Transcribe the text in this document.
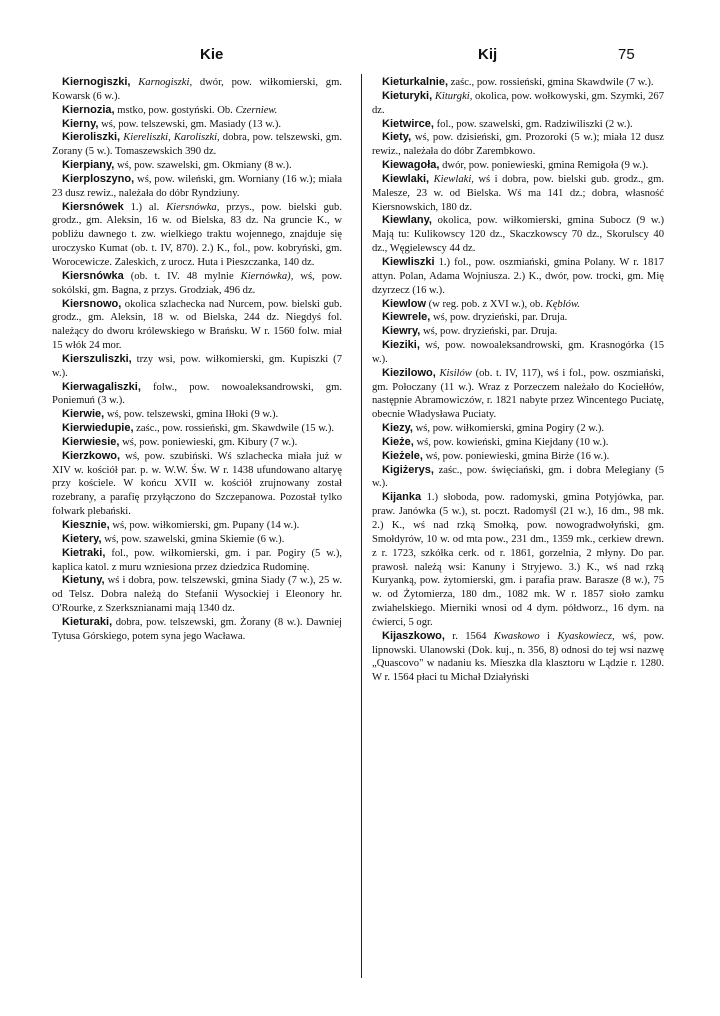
Kie	Kij	75

Kiernogiszki, Karnogiszki, dwór, pow. wiłkomierski, gm. Kowarsk (6 w.).

Kiernozia, mstko, pow. gostyński. Ob. Czerniew.

Kierny, wś, pow. telszewski, gm. Masiady (13 w.).

Kieroliszki, Kiereliszki, Karoliszki, dobra, pow. telszewski, gm. Zorany (5 w.). Tomaszewskich 390 dz.

Kierpiany, wś, pow. szawelski, gm. Okmiany (8 w.).

Kierploszyno, wś, pow. wileński, gm. Worniany (16 w.); miała 23 dusz rewiz., należała do dóbr Ryndziuny.

Kiersnówek 1.) al. Kiersnówka, przys., pow. bielski gub. grodz., gm. Aleksin, 16 w. od Bielska, 83 dz. Na gruncie K., w pobliżu dawnego t. zw. wielkiego traktu wojennego, znajduje się uroczysko Kumat (ob. t. IV, 870). 2.) K., fol., pow. kobryński, gm. Worocewicze. Zaleskich, z urocz. Huta i Pieszczanka, 140 dz.

Kiersnówka (ob. t. IV. 48 mylnie Kiernówka), wś, pow. sokólski, gm. Bagna, z przys. Grodziak, 496 dz.

Kiersnowo, okolica szlachecka nad Nurcem, pow. bielski gub. grodz., gm. Aleksin, 18 w. od Bielska, 244 dz. Niegdyś fol. należący do dworu królewskiego w Brańsku. W r. 1560 folw. miał 15 włók 24 mor.

Kierszuliszki, trzy wsi, pow. wiłkomierski, gm. Kupiszki (7 w.).

Kierwagaliszki, folw., pow. nowoaleksandrowski, gm. Poniemuń (3 w.).

Kierwie, wś, pow. telszewski, gmina Iłłoki (9 w.).

Kierwiedupie, zaśc., pow. rossieński, gm. Skawdwile (15 w.).

Kierwiesie, wś, pow. poniewieski, gm. Kibury (7 w.).

Kierzkowo, wś, pow. szubiński. Wś szlachecka miała już w XIV w. kościół par. p. w. W.W. Św. W r. 1438 ufundowano altaryę przy kościele. W końcu XVII w. kościół zrujnowany został rozebrany, a parafię przyłączono do Szczepanowa. Pozostał tylko folwark plebański.

Kiesznie, wś, pow. wiłkomierski, gm. Pupany (14 w.).

Kietery, wś, pow. szawelski, gmina Skiemie (6 w.).

Kietraki, fol., pow. wiłkomierski, gm. i par. Pogiry (5 w.), kaplica katol. z muru wzniesiona przez dziedzica Rudominę.

Kietuny, wś i dobra, pow. telszewski, gmina Siady (7 w.), 25 w. od Telsz. Dobra należą do Stefanii Wysockiej i Eleonory hr. O'Rourke, z Szerksznianami mają 1340 dz.

Kieturaki, dobra, pow. telszewski, gm. Żorany (8 w.). Dawniej Tytusa Górskiego, potem syna jego Wacława.

Kieturkalnie, zaśc., pow. rossieński, gmina Skawdwile (7 w.).

Kieturyki, Kiturgki, okolica, pow. wołkowyski, gm. Szymki, 267 dz.

Kietwirce, fol., pow. szawelski, gm. Radziwiliszki (2 w.).

Kiety, wś, pow. dzisieński, gm. Prozoroki (5 w.); miała 12 dusz rewiz., należała do dóbr Zarembkowo.

Kiewagoła, dwór, pow. poniewieski, gmina Remigoła (9 w.).

Kiewlaki, Kiewlaki, wś i dobra, pow. bielski gub. grodz., gm. Malesze, 23 w. od Bielska. Wś ma 141 dz.; dobra, własność Kiersnowskich, 180 dz.

Kiewlany, okolica, pow. wiłkomierski, gmina Subocz (9 w.) Mają tu: Kulikowscy 120 dz., Skaczkowscy 70 dz., Skorulscy 40 dz., Węgielewscy 44 dz.

Kiewliszki 1.) fol., pow. oszmiański, gmina Polany. W r. 1817 attyn. Polan, Adama Wojniusza. 2.) K., dwór, pow. trocki, gm. Mię dzyrzecz (16 w.).

Kiewlow (w reg. pob. z XVI w.), ob. Kęblów.

Kiewrele, wś, pow. dryzieński, par. Druja.

Kiewry, wś, pow. dryzieński, par. Druja.

Kieziki, wś, pow. nowoaleksandrowski, gm. Krasnogórka (15 w.).

Kiezilowo, Kisilów (ob. t. IV, 117), wś i fol., pow. oszmiański, gm. Połoczany (11 w.). Wraz z Porzeczem należało do Kociełłów, następnie Abramowiczów, r. 1821 nabyte przez Wincentego Puciatę, obecnie Władysława Puciaty.

Kiezy, wś, pow. wiłkomierski, gmina Pogiry (2 w.).

Kieże, wś, pow. kowieński, gmina Kiejdany (10 w.).

Kieżele, wś, pow. poniewieski, gmina Birże (16 w.).

Kigiżerys, zaśc., pow. święciański, gm. i dobra Melegiany (5 w.).

Kijanka 1.) słoboda, pow. radomyski, gmina Potyjówka, par. praw. Janówka (5 w.), st. poczt. Radomyśl (21 w.), 16 dm., 98 mk. 2.) K., wś nad rzką Smołką, pow. nowogradwołyński, gm. Smołdyrów, 10 w. od mta pow., 231 dm., 1359 mk., cerkiew drewn. z r. 1723, szkółka cerk. od r. 1861, gorzelnia, 2 młyny. Do par. prawosł. należą wsi: Kanuny i Stryjewo. 3.) K., wś nad rzką Kuryanką, pow. żytomierski, gm. i parafia praw. Barasze (8 w.), 75 w. od Żytomierza, 180 dm., 1082 mk. W r. 1857 sioło zamku zwiahelskiego. Mierniki wnosi od 4 dym. półdworz., 16 dym. na ćwierci, 5 ogr.

Kijaszkowo, r. 1564 Kwaskowo i Kyaskowiecz, wś, pow. lipnowski. Ulanowski (Dok. kuj., n. 356, 8) odnosi do tej wsi nazwę „Quascovo" w nadaniu ks. Mieszka dla klasztoru w Lądzie r. 1280. W r. 1564 płaci tu Michał Działyński
